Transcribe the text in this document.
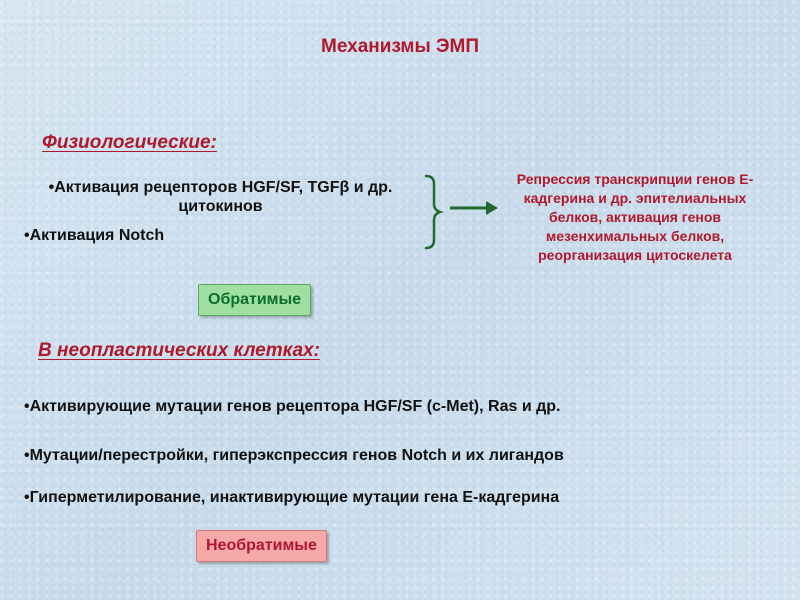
Механизмы ЭМП
Физиологические:
•Активация рецепторов HGF/SF, TGFβ и др. цитокинов
•Активация Notch
Репрессия транскрипции генов Е-кадгерина и др. эпителиальных белков, активация генов мезенхимальных белков, реорганизация цитоскелета
Обратимые
В неопластических клетках:
•Активирующие мутации генов рецептора HGF/SF (c-Met), Ras и др.
•Мутации/перестройки, гиперэкспрессия генов Notch и их лигандов
•Гиперметилирование, инактивирующие мутации гена Е-кадгерина
Необратимые
